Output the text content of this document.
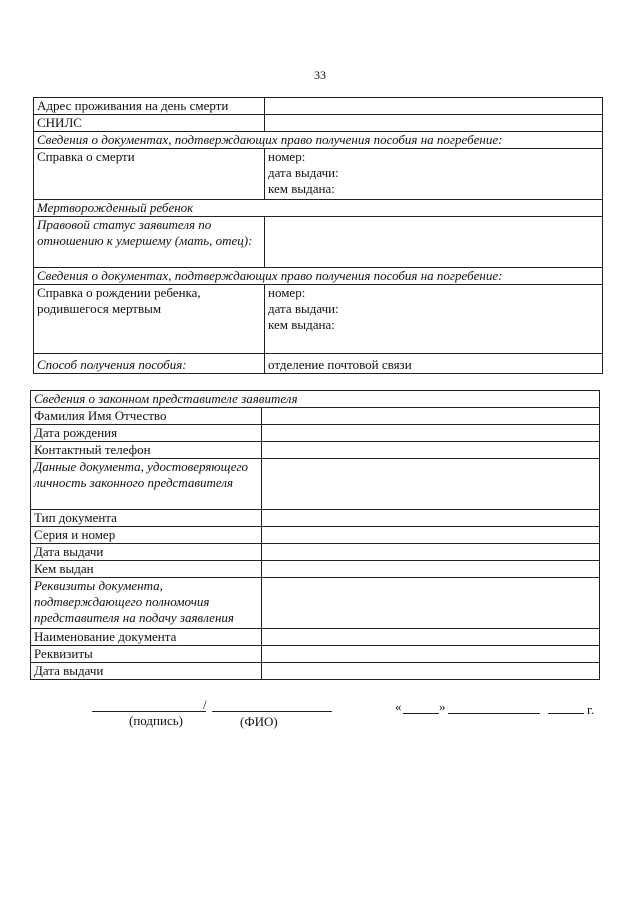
33
Адрес проживания на день смерти	
СНИЛС	
Сведения о документах, подтверждающих право получения пособия на погребение:	
Справка о смерти	номер:
дата выдачи:
кем выдана:

Мертворожденный ребенок	
Правовой статус заявителя по отношению к умершему (мать, отец):	
Сведения о документах, подтверждающих право получения пособия на погребение:	
Справка о рождении ребенка, родившегося мертвым	номер:
дата выдачи:
кем выдана:

Способ получения пособия:	отделение почтовой связи
Сведения о законном представителе заявителя	
Фамилия Имя Отчество	
Дата рождения	
Контактный телефон	
Данные документа, удостоверяющего личность законного представителя	
Тип документа	
Серия и номер	
Дата выдачи	
Кем выдан	
Реквизиты документа, подтверждающего полномочия представителя на подачу заявления	
Наименование документа	
Реквизиты	
Дата выдачи	
/
(подпись)	(ФИО)
«	»	г.
